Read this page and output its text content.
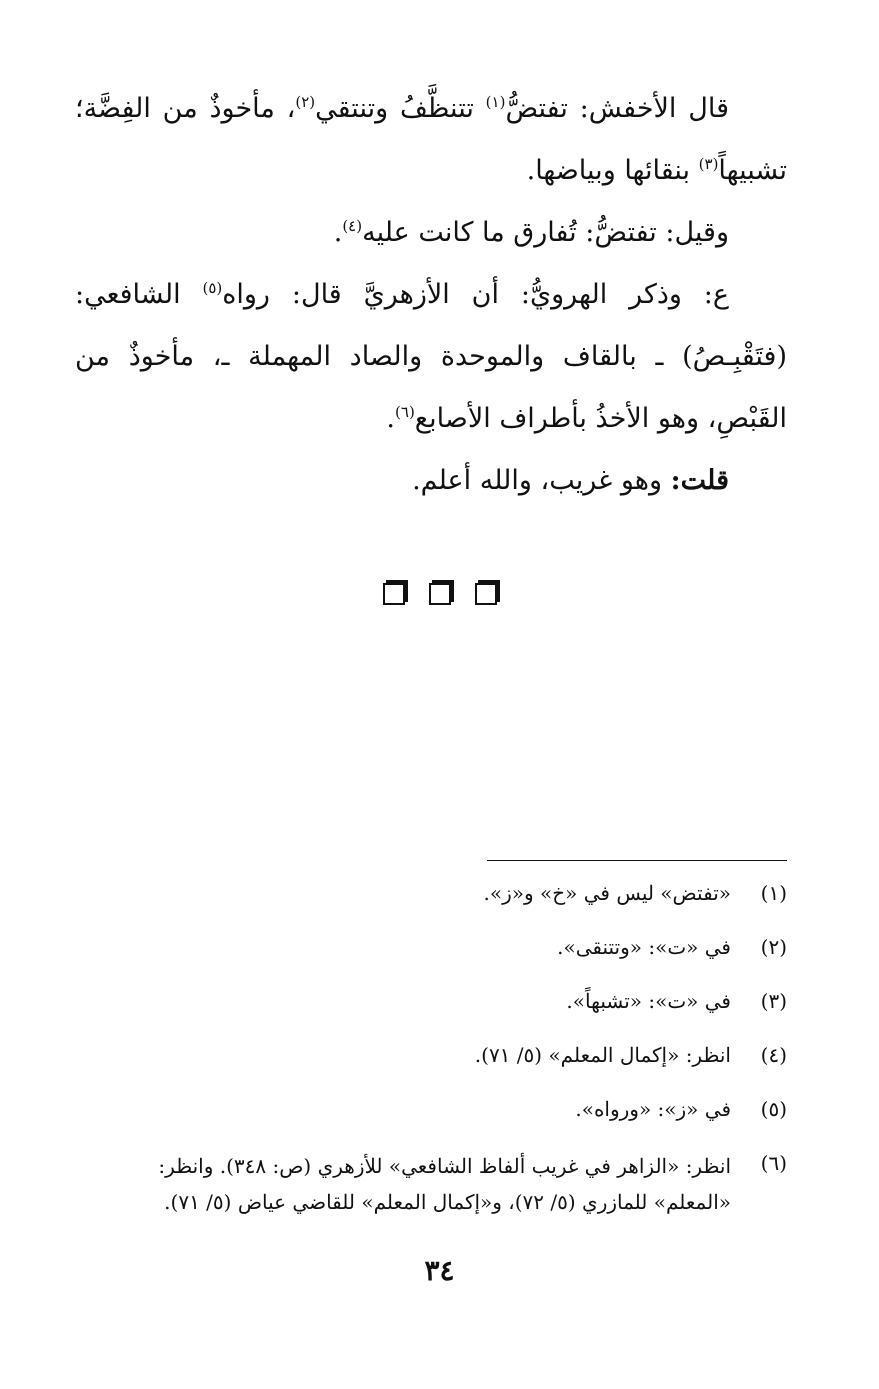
قال الأخفش: تفتضُّ$^{(١)}$ تتنظَّفُ وتنتقي$^{(٢)}$، مأخوذٌ من الفِضَّة؛ تشبيهاً$^{(٣)}$ بنقائها وبياضها.

وقيل: تفتضُّ: تُفارق ما كانت عليه$^{(٤)}$.

ع: وذكر الهرويُّ: أن الأزهريَّ قال: رواه$^{(٥)}$ الشافعي: (فتَقْبِـصُ) ـ بالقاف والموحدة والصاد المهملة ـ، مأخوذٌ من القَبْصِ، وهو الأخذُ بأطراف الأصابع$^{(٦)}$.

قلت: وهو غريب، والله أعلم.

(١)
«تفتض» ليس في «خ» و«ز».
(٢)
في «ت»: «وتتنقى».
(٣)
في «ت»: «تشبهاً».
(٤)
انظر: «إكمال المعلم» (٥/ ٧١).
(٥)
في «ز»: «ورواه».
(٦)
انظر: «الزاهر في غريب ألفاظ الشافعي» للأزهري (ص: ٣٤٨). وانظر: «المعلم» للمازري (٥/ ٧٢)، و«إكمال المعلم» للقاضي عياض (٥/ ٧١).
٣٤
